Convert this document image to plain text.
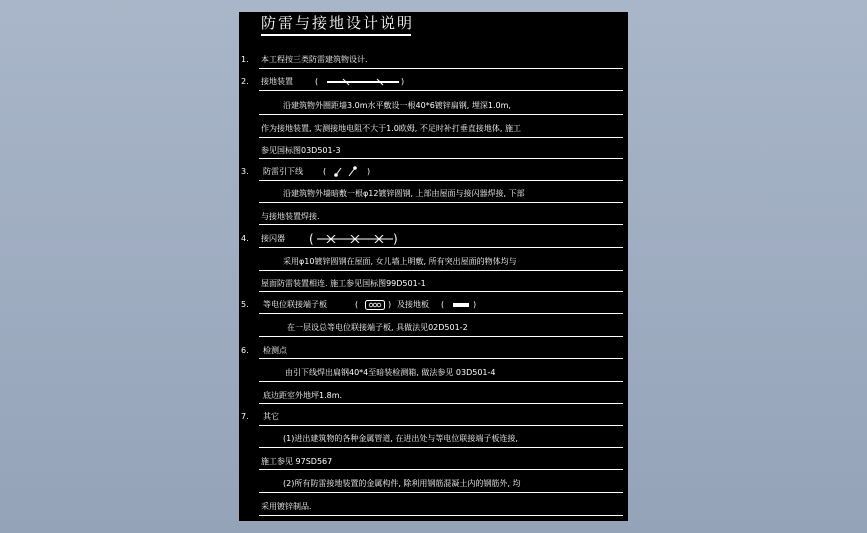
防雷与接地设计说明
1. 本工程按三类防雷建筑物设计.
2. 接地装置	(	)
沿建筑物外圈距墙3.0m水平敷设一根40*6镀锌扁钢, 埋深1.0m,
作为接地装置, 实测接地电阻不大于1.0欧姆, 不足时补打垂直接地体, 施工
参见国标图03D501-3
3. 防雷引下线	(	)
沿建筑物外墙暗敷一根φ12镀锌圆钢, 上部由屋面与接闪器焊接, 下部
与接地装置焊接.
4. 接闪器 (	)
采用φ10镀锌圆钢在屋面, 女儿墙上明敷, 所有突出屋面的物体均与
屋面防雷装置相连. 施工参见国标图99D501-1
5. 等电位联接端子板	(	) 及接地板 (	)
在一层设总等电位联接端子板, 具做法见02D501-2
6. 检测点
由引下线焊出扁钢40*4至暗装检测箱, 做法参见 03D501-4
底边距室外地坪1.8m.
7. 其它
(1)进出建筑物的各种金属管道, 在进出处与等电位联接端子板连接,
施工参见 97SD567
(2)所有防雷接地装置的金属构件, 除利用钢筋混凝土内的钢筋外, 均
采用镀锌制品.
